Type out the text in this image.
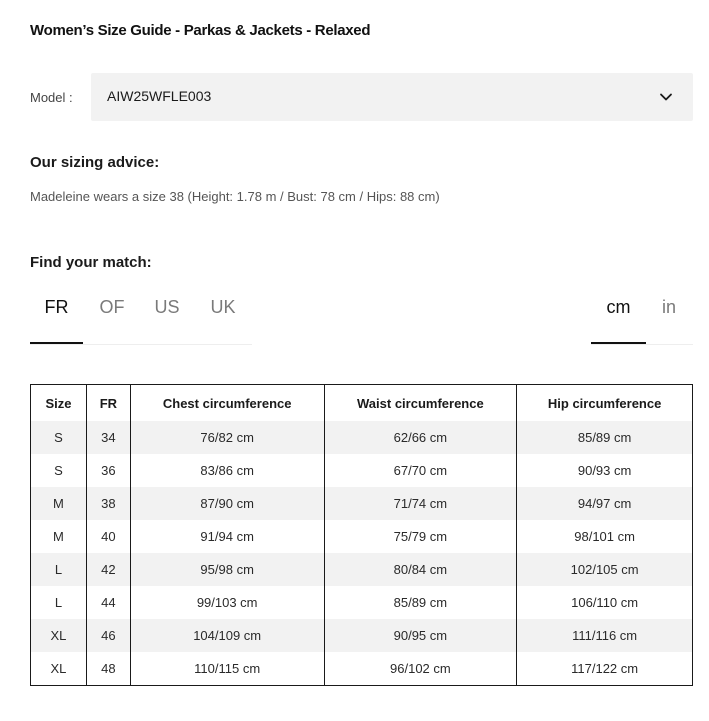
Women’s Size Guide - Parkas & Jackets - Relaxed
Model : AIW25WFLE003
Our sizing advice:
Madeleine wears a size 38 (Height: 1.78 m / Bust: 78 cm / Hips: 88 cm)
Find your match:
FR	OF	US	UK	cm	in
Size	FR	Chest circumference	Waist circumference	Hip circumference
S	34	76/82 cm	62/66 cm	85/89 cm
S	36	83/86 cm	67/70 cm	90/93 cm
M	38	87/90 cm	71/74 cm	94/97 cm
M	40	91/94 cm	75/79 cm	98/101 cm
L	42	95/98 cm	80/84 cm	102/105 cm
L	44	99/103 cm	85/89 cm	106/110 cm
XL	46	104/109 cm	90/95 cm	111/116 cm
XL	48	110/115 cm	96/102 cm	117/122 cm
